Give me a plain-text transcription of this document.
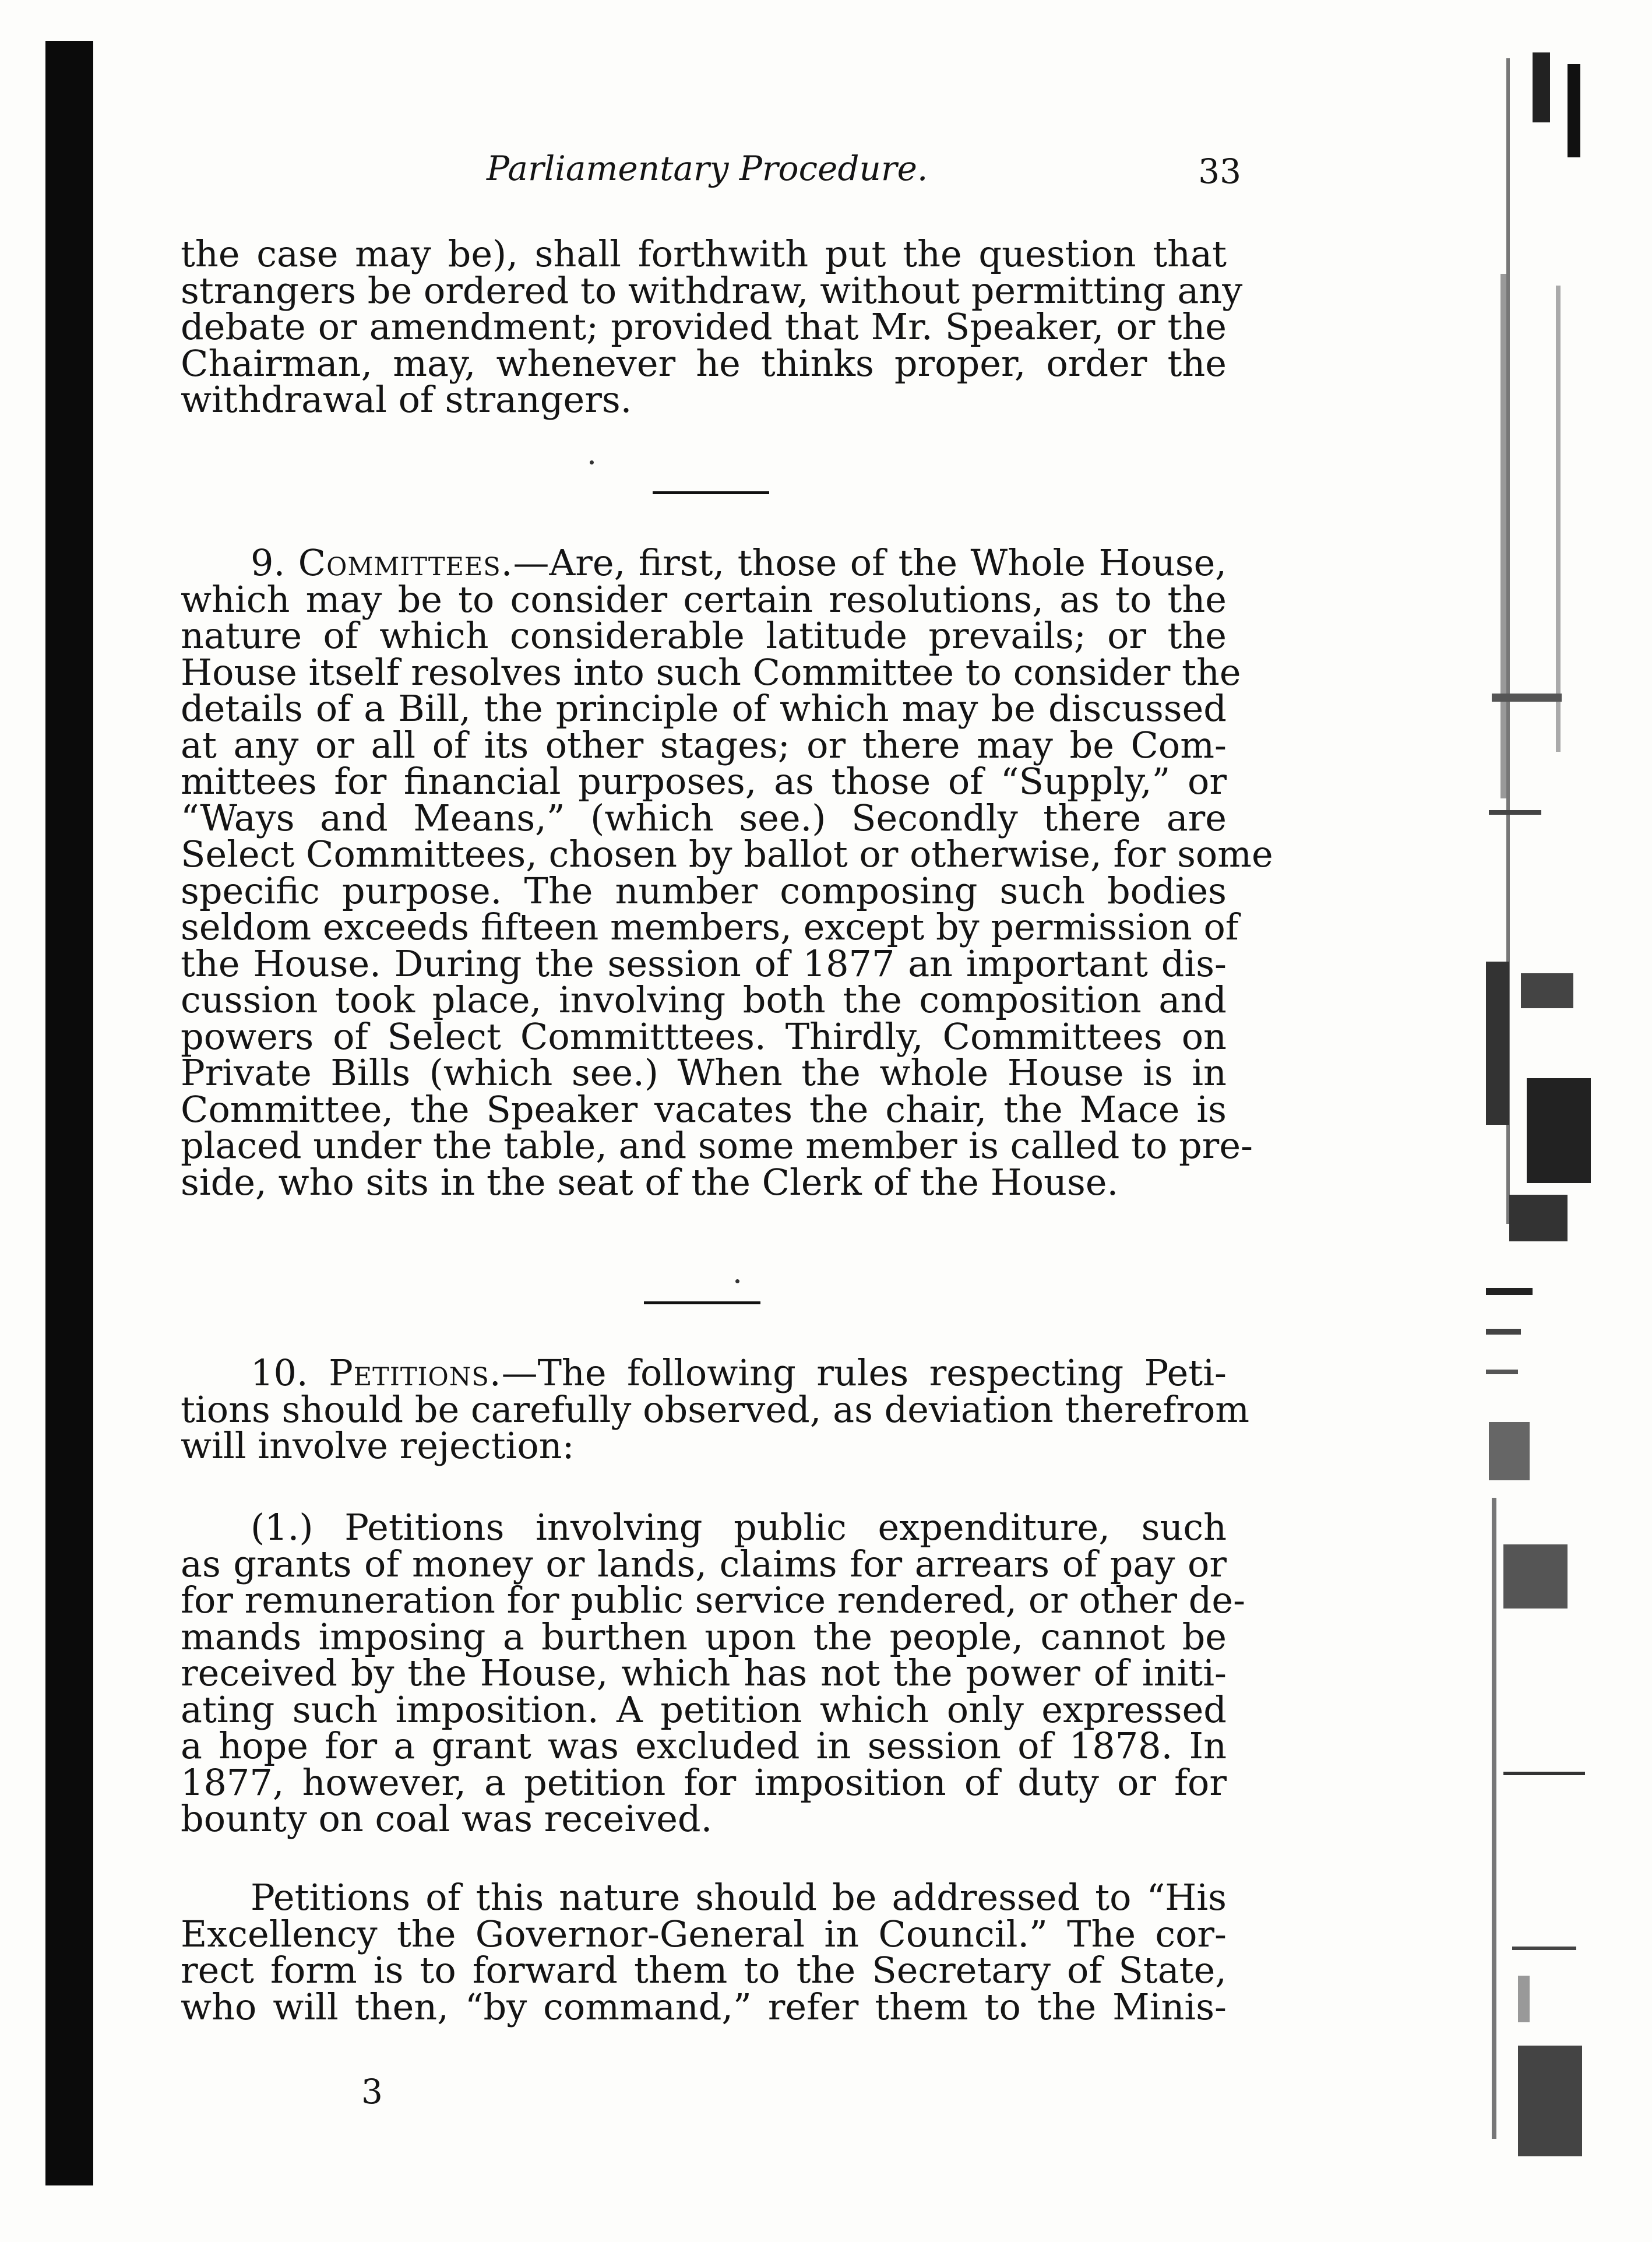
Parliamentary Procedure.	33
the case may be), shall forthwith put the question that
strangers be ordered to withdraw, without permitting any
debate or amendment; provided that Mr. Speaker, or the
Chairman, may, whenever he thinks proper, order the
withdrawal of strangers.
9. Committees.—Are, first, those of the Whole House,
which may be to consider certain resolutions, as to the
nature of which considerable latitude prevails; or the
House itself resolves into such Committee to consider the
details of a Bill, the principle of which may be discussed
at any or all of its other stages; or there may be Com-
mittees for financial purposes, as those of “Supply,” or
“Ways and Means,” (which see.) Secondly there are
Select Committees, chosen by ballot or otherwise, for some
specific purpose. The number composing such bodies
seldom exceeds fifteen members, except by permission of
the House. During the session of 1877 an important dis-
cussion took place, involving both the composition and
powers of Select Committtees. Thirdly, Committees on
Private Bills (which see.) When the whole House is in
Committee, the Speaker vacates the chair, the Mace is
placed under the table, and some member is called to pre-
side, who sits in the seat of the Clerk of the House.
10. Petitions.—The following rules respecting Peti-
tions should be carefully observed, as deviation therefrom
will involve rejection:
(1.) Petitions involving public expenditure, such
as grants of money or lands, claims for arrears of pay or
for remuneration for public service rendered, or other de-
mands imposing a burthen upon the people, cannot be
received by the House, which has not the power of initi-
ating such imposition. A petition which only expressed
a hope for a grant was excluded in session of 1878. In
1877, however, a petition for imposition of duty or for
bounty on coal was received.
Petitions of this nature should be addressed to “His
Excellency the Governor-General in Council.” The cor-
rect form is to forward them to the Secretary of State,
who will then, “by command,” refer them to the Minis-
3
